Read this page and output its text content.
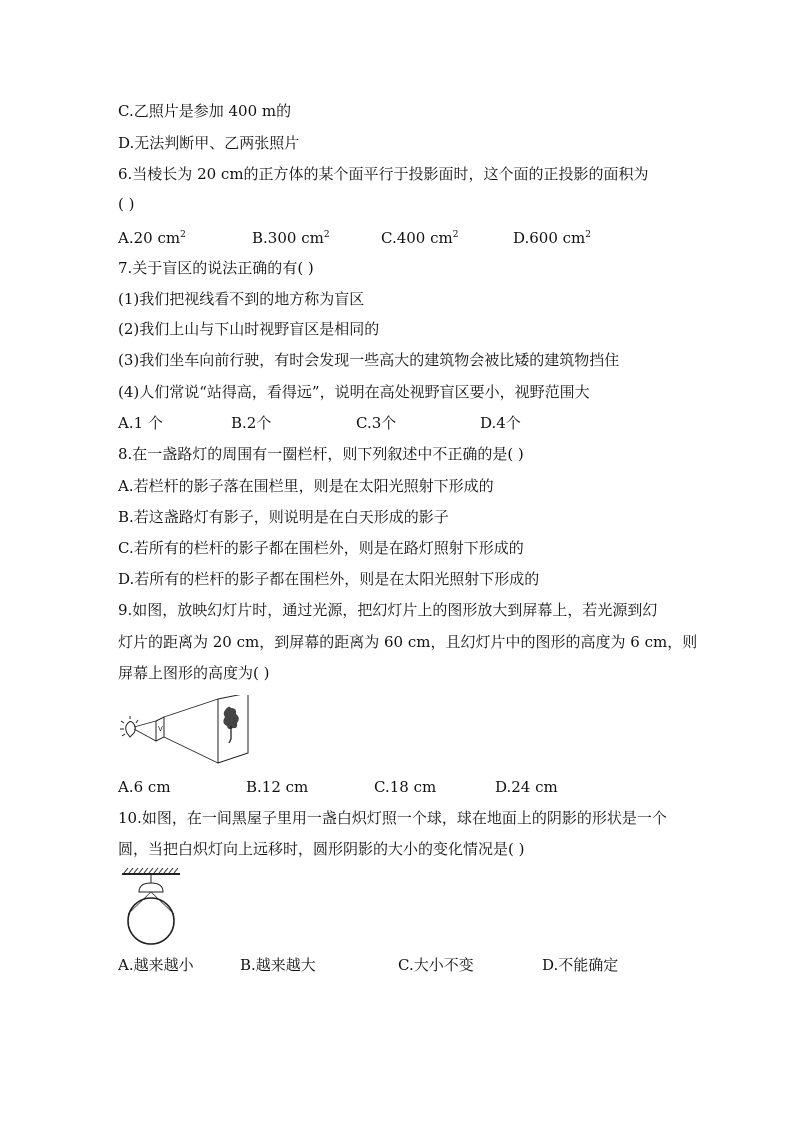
C.乙照片是参加 400 m的
D.无法判断甲、乙两张照片
6.当棱长为 20 cm的正方体的某个面平行于投影面时，这个面的正投影的面积为
( )
A.20 $cm^2$	B.300 $cm^2$	C.400 $cm^2$	D.600 $cm^2$
7.关于盲区的说法正确的有( )
(1)我们把视线看不到的地方称为盲区
(2)我们上山与下山时视野盲区是相同的
(3)我们坐车向前行驶，有时会发现一些高大的建筑物会被比矮的建筑物挡住
(4)人们常说“站得高，看得远”，说明在高处视野盲区要小，视野范围大
A.1 个	B.2个	C.3个	D.4个
8.在一盏路灯的周围有一圈栏杆，则下列叙述中不正确的是( )
A.若栏杆的影子落在围栏里，则是在太阳光照射下形成的
B.若这盏路灯有影子，则说明是在白天形成的影子
C.若所有的栏杆的影子都在围栏外，则是在路灯照射下形成的
D.若所有的栏杆的影子都在围栏外，则是在太阳光照射下形成的
9.如图，放映幻灯片时，通过光源，把幻灯片上的图形放大到屏幕上，若光源到幻
灯片的距离为 20 cm，到屏幕的距离为 60 cm，且幻灯片中的图形的高度为 6 cm，则
屏幕上图形的高度为( )
V
A.6 cm	B.12 cm	C.18 cm	D.24 cm
10.如图，在一间黑屋子里用一盏白炽灯照一个球，球在地面上的阴影的形状是一个
圆，当把白炽灯向上远移时，圆形阴影的大小的变化情况是( )
A.越来越小	B.越来越大	C.大小不变	D.不能确定
